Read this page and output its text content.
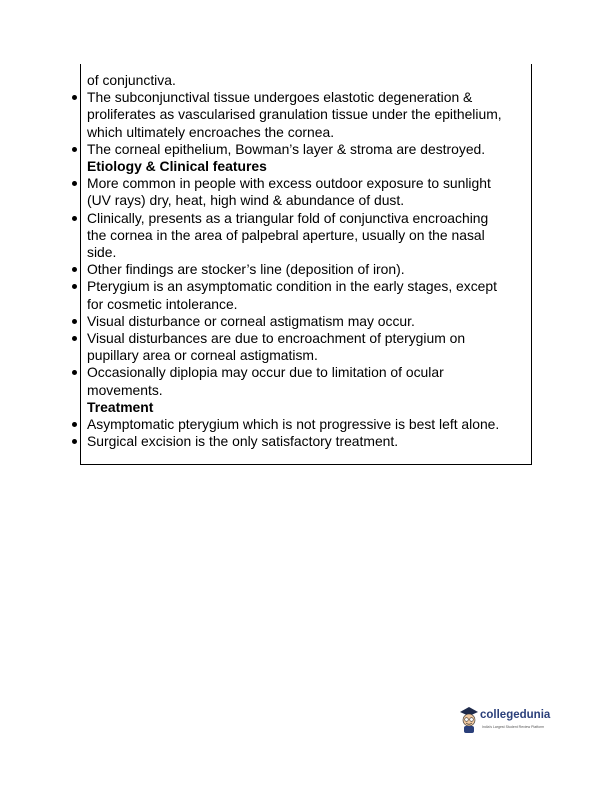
of conjunctiva.
The subconjunctival tissue undergoes elastotic degeneration &
proliferates as vascularised granulation tissue under the epithelium,
which ultimately encroaches the cornea.
The corneal epithelium, Bowman’s layer & stroma are destroyed.
Etiology & Clinical features
More common in people with excess outdoor exposure to sunlight
(UV rays) dry, heat, high wind & abundance of dust.
Clinically, presents as a triangular fold of conjunctiva encroaching
the cornea in the area of palpebral aperture, usually on the nasal
side.
Other findings are stocker’s line (deposition of iron).
Pterygium is an asymptomatic condition in the early stages, except
for cosmetic intolerance.
Visual disturbance or corneal astigmatism may occur.
Visual disturbances are due to encroachment of pterygium on
pupillary area or corneal astigmatism.
Occasionally diplopia may occur due to limitation of ocular
movements.
Treatment
Asymptomatic pterygium which is not progressive is best left alone.
Surgical excision is the only satisfactory treatment.
collegedunia
India's Largest Student Review Platform
